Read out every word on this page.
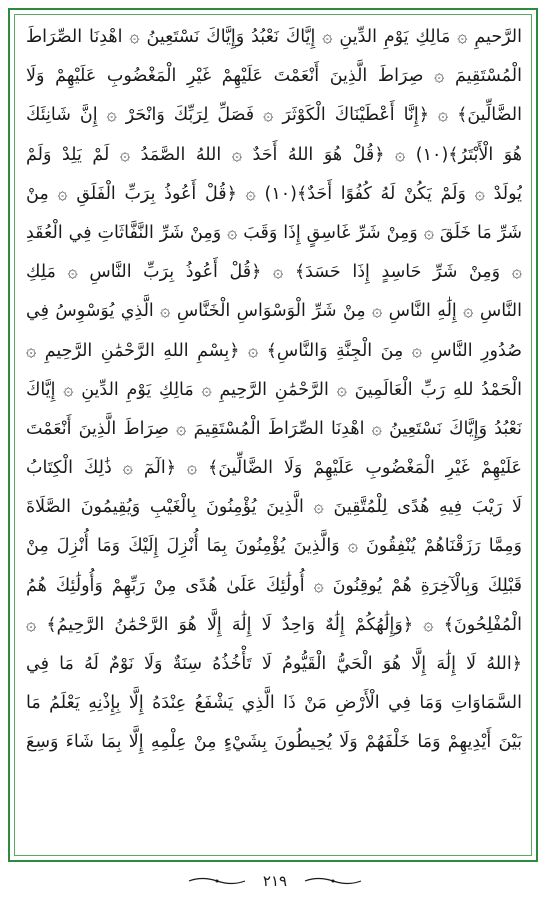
الرَّحيمِ ۞ مَالِكِ يَوْمِ الدِّينِ ۞ إِيَّاكَ نَعْبُدُ وَإِيَّاكَ نَسْتَعِينُ ۞ اهْدِنَا الصِّرَاطَ
الْمُسْتَقِيمَ ۞ صِرَاطَ الَّذِينَ أَنْعَمْتَ عَلَيْهِمْ غَيْرِ الْمَغْضُوبِ عَلَيْهِمْ وَلَا
الضَّالِّينَ﴾ ۞ ﴿إِنَّا أَعْطَيْنَاكَ الْكَوْثَرَ ۞ فَصَلِّ لِرَبِّكَ وَانْحَرْ ۞ إِنَّ شَانِئَكَ
هُوَ الْأَبْتَرُ﴾(١٠) ۞ ﴿قُلْ هُوَ اللهُ أَحَدٌ ۞ اللهُ الصَّمَدُ ۞ لَمْ يَلِدْ وَلَمْ
يُولَدْ ۞ وَلَمْ يَكُنْ لَهُ كُفُوًا أَحَدٌ﴾(١٠) ۞ ﴿قُلْ أَعُوذُ بِرَبِّ الْفَلَقِ ۞ مِنْ
شَرِّ مَا خَلَقَ ۞ وَمِنْ شَرِّ غَاسِقٍ إِذَا وَقَبَ ۞ وَمِنْ شَرِّ النَّفَّاثَاتِ فِي الْعُقَدِ
۞ وَمِنْ شَرِّ حَاسِدٍ إِذَا حَسَدَ﴾ ۞ ﴿قُلْ أَعُوذُ بِرَبِّ النَّاسِ ۞ مَلِكِ
النَّاسِ ۞ إِلَٰهِ النَّاسِ ۞ مِنْ شَرِّ الْوَسْوَاسِ الْخَنَّاسِ ۞ الَّذِي يُوَسْوِسُ فِي
صُدُورِ النَّاسِ ۞ مِنَ الْجِنَّةِ وَالنَّاسِ﴾ ۞ ﴿بِسْمِ اللهِ الرَّحْمَٰنِ الرَّحِيمِ ۞
الْحَمْدُ للهِ رَبِّ الْعَالَمِينَ ۞ الرَّحْمَٰنِ الرَّحِيمِ ۞ مَالِكِ يَوْمِ الدِّينِ ۞ إِيَّاكَ
نَعْبُدُ وَإِيَّاكَ نَسْتَعِينُ ۞ اهْدِنَا الصِّرَاطَ الْمُسْتَقِيمَ ۞ صِرَاطَ الَّذِينَ أَنْعَمْتَ
عَلَيْهِمْ غَيْرِ الْمَغْضُوبِ عَلَيْهِمْ وَلَا الضَّالِّينَ﴾ ۞ ﴿الٓمٓ ۞ ذَٰلِكَ الْكِتَابُ
لَا رَيْبَ فِيهِ هُدًى لِلْمُتَّقِينَ ۞ الَّذِينَ يُؤْمِنُونَ بِالْغَيْبِ وَيُقِيمُونَ الصَّلَاةَ
وَمِمَّا رَزَقْنَاهُمْ يُنْفِقُونَ ۞ وَالَّذِينَ يُؤْمِنُونَ بِمَا أُنْزِلَ إِلَيْكَ وَمَا أُنْزِلَ مِنْ
قَبْلِكَ وَبِالْآخِرَةِ هُمْ يُوقِنُونَ ۞ أُولَٰئِكَ عَلَىٰ هُدًى مِنْ رَبِّهِمْ وَأُولَٰئِكَ هُمُ
الْمُفْلِحُونَ﴾ ۞ ﴿وَإِلَٰهُكُمْ إِلَٰهٌ وَاحِدٌ لَا إِلَٰهَ إِلَّا هُوَ الرَّحْمَٰنُ الرَّحِيمُ﴾ ۞
﴿اللهُ لَا إِلَٰهَ إِلَّا هُوَ الْحَيُّ الْقَيُّومُ لَا تَأْخُذُهُ سِنَةٌ وَلَا نَوْمٌ لَهُ مَا فِي
السَّمَاوَاتِ وَمَا فِي الْأَرْضِ مَنْ ذَا الَّذِي يَشْفَعُ عِنْدَهُ إِلَّا بِإِذْنِهِ يَعْلَمُ مَا
بَيْنَ أَيْدِيهِمْ وَمَا خَلْفَهُمْ وَلَا يُحِيطُونَ بِشَيْءٍ مِنْ عِلْمِهِ إِلَّا بِمَا شَاءَ وَسِعَ
٢١٩
